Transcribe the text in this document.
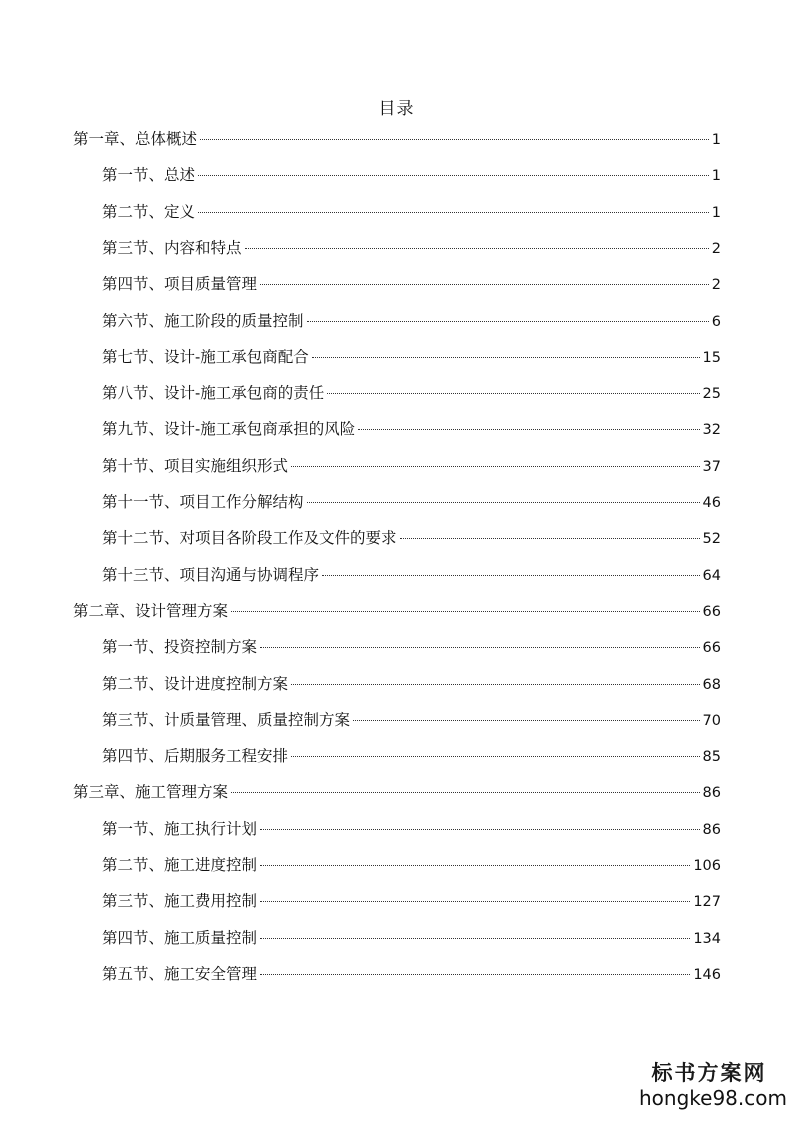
目录
第一章、总体概述	1
第一节、总述	1
第二节、定义	1
第三节、内容和特点	2
第四节、项目质量管理	2
第六节、施工阶段的质量控制	6
第七节、设计-施工承包商配合	15
第八节、设计-施工承包商的责任	25
第九节、设计-施工承包商承担的风险	32
第十节、项目实施组织形式	37
第十一节、项目工作分解结构	46
第十二节、对项目各阶段工作及文件的要求	52
第十三节、项目沟通与协调程序	64
第二章、设计管理方案	66
第一节、投资控制方案	66
第二节、设计进度控制方案	68
第三节、计质量管理、质量控制方案	70
第四节、后期服务工程安排	85
第三章、施工管理方案	86
第一节、施工执行计划	86
第二节、施工进度控制	106
第三节、施工费用控制	127
第四节、施工质量控制	134
第五节、施工安全管理	146
标书方案网
hongke98.com
